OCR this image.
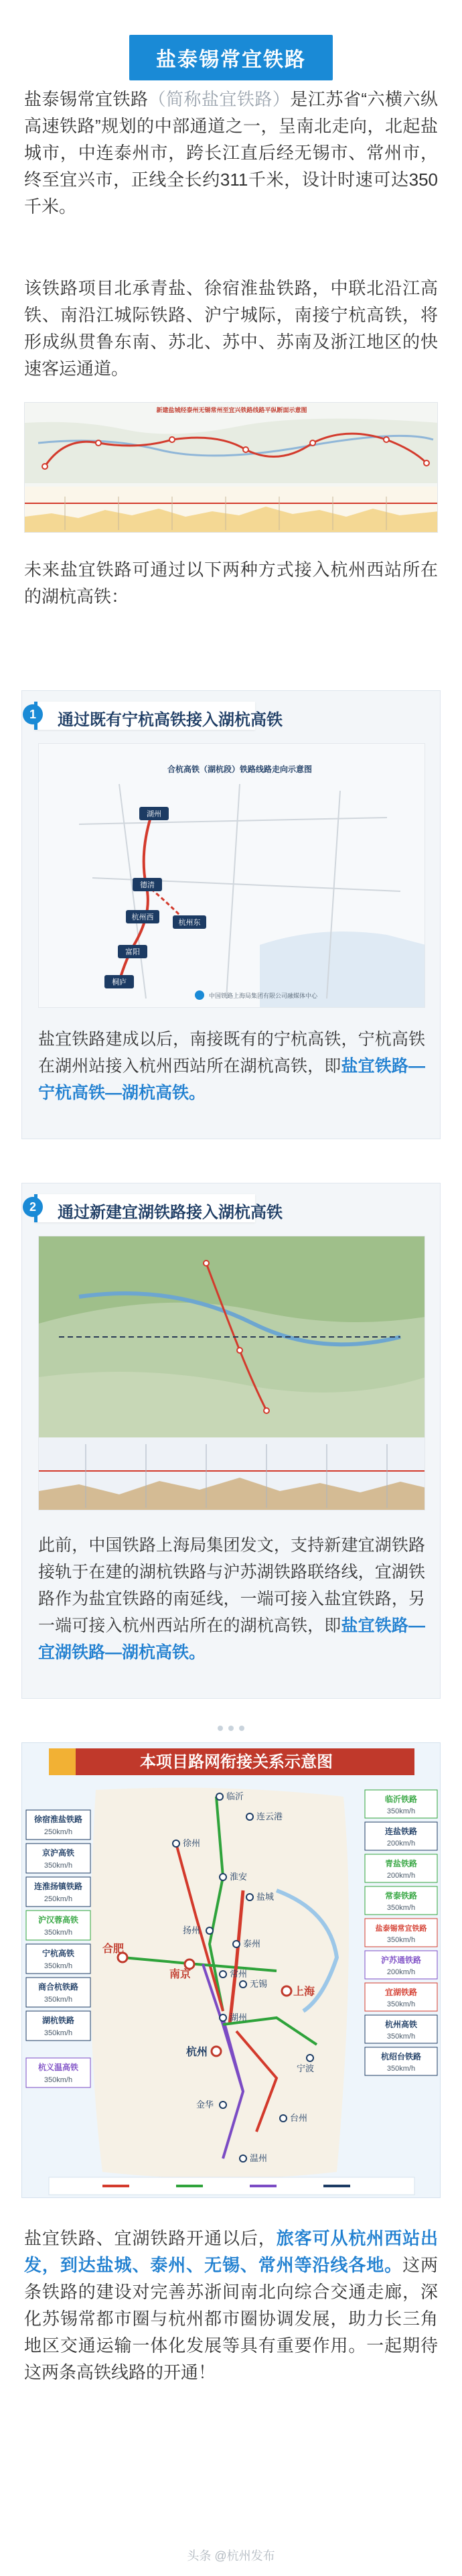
盐泰锡常宜铁路
盐泰锡常宜铁路（简称盐宜铁路）是江苏省“六横六纵高速铁路”规划的中部通道之一，呈南北走向，北起盐城市，中连泰州市，跨长江直后经无锡市、常州市，终至宜兴市，正线全长约311千米，设计时速可达350千米。
该铁路项目北承青盐、徐宿淮盐铁路，中联北沿江高铁、南沿江城际铁路、沪宁城际，南接宁杭高铁，将形成纵贯鲁东南、苏北、苏中、苏南及浙江地区的快速客运通道。
新建盐城经泰州无锡常州至宜兴铁路线路平纵断面示意图
未来盐宜铁路可通过以下两种方式接入杭州西站所在的湖杭高铁：
1	通过既有宁杭高铁接入湖杭高铁
合杭高铁（湖杭段）铁路线路走向示意图
湖州
德清
杭州西
杭州东
富阳
桐庐
中国铁路上海局集团有限公司融媒体中心
盐宜铁路建成以后，南接既有的宁杭高铁，宁杭高铁在湖州站接入杭州西站所在湖杭高铁，即盐宜铁路—宁杭高铁—湖杭高铁。
2	通过新建宜湖铁路接入湖杭高铁
此前，中国铁路上海局集团发文，支持新建宜湖铁路接轨于在建的湖杭铁路与沪苏湖铁路联络线，宜湖铁路作为盐宜铁路的南延线，一端可接入盐宜铁路，另一端可接入杭州西站所在的湖杭高铁，即盐宜铁路—宜湖铁路—湖杭高铁。
本项目路网衔接关系示意图
临沂
连云港
徐州
淮安
盐城
扬州
泰州
南京
合肥
上海
常州
无锡
湖州
杭州
宁波
金华
台州
温州
徐宿淮盐铁路
250km/h
京沪高铁
350km/h
连淮扬镇铁路
250km/h
沪汉蓉高铁
350km/h
宁杭高铁
350km/h
商合杭铁路
350km/h
湖杭铁路
350km/h
杭义温高铁
350km/h
临沂铁路
350km/h
连盐铁路
200km/h
青盐铁路
200km/h
常泰铁路
350km/h
盐泰锡常宜铁路
350km/h
沪苏通铁路
200km/h
宜湖铁路
350km/h
杭州高铁
350km/h
杭绍台铁路
350km/h
盐宜铁路、宜湖铁路开通以后，旅客可从杭州西站出发，到达盐城、泰州、无锡、常州等沿线各地。这两条铁路的建设对完善苏浙间南北向综合交通走廊，深化苏锡常都市圈与杭州都市圈协调发展，助力长三角地区交通运输一体化发展等具有重要作用。一起期待这两条高铁线路的开通！
头条 @杭州发布
